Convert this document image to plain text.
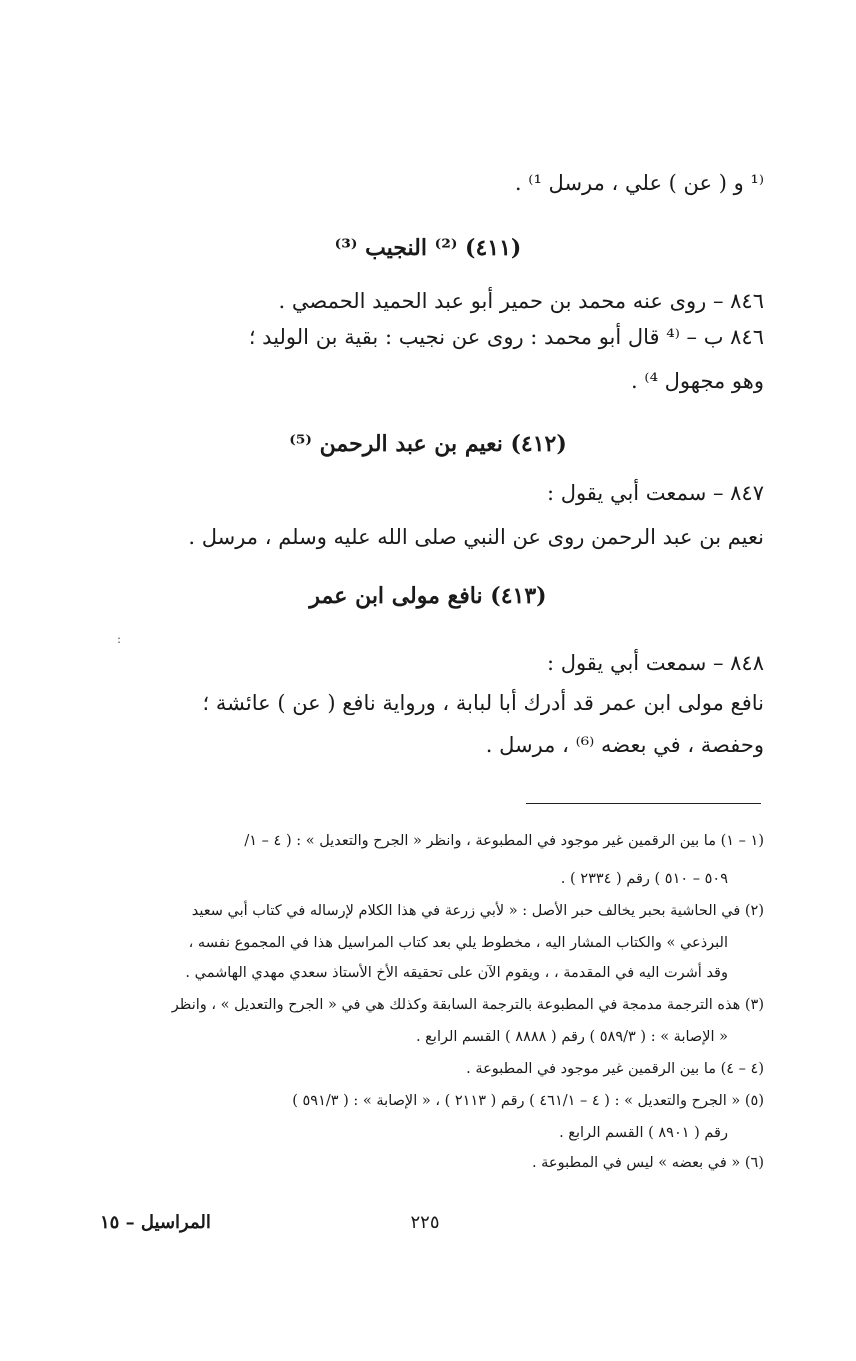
⁽¹ و ( عن ) علي ، مرسل ¹⁾ .
(٤١١) ⁽²⁾ النجيب ⁽³⁾
٨٤٦ – روى عنه محمد بن حمير أبو عبد الحميد الحمصي .
٨٤٦ ب – ⁽⁴ قال أبو محمد : روى عن نجيب : بقية بن الوليد ؛
وهو مجهول ⁴⁾ .
(٤١٢) نعيم بن عبد الرحمن ⁽⁵⁾
٨٤٧ – سمعت أبي يقول :
نعيم بن عبد الرحمن روى عن النبي صلى الله عليه وسلم ، مرسل .
(٤١٣) نافع مولى ابن عمر
:
٨٤٨ – سمعت أبي يقول :
نافع مولى ابن عمر قد أدرك أبا لبابة ، ورواية نافع ( عن ) عائشة ؛
وحفصة ، في بعضه ⁽⁶⁾ ، مرسل .
(١ – ١) ما بين الرقمين غير موجود في المطبوعة ، وانظر « الجرح والتعديل » : ( ٤ – ١/
٥٠٩ – ٥١٠ ) رقم ( ٢٣٣٤ ) .
(٢) في الحاشية بحبر يخالف حبر الأصل : « لأبي زرعة في هذا الكلام لإرساله في كتاب أبي سعيد
البرذعي » والكتاب المشار اليه ، مخطوط يلي بعد كتاب المراسيل هذا في المجموع نفسه ،
وقد أشرت اليه في المقدمة ، ، ويقوم الآن على تحقيقه الأخ الأستاذ سعدي مهدي الهاشمي .
(٣) هذه الترجمة مدمجة في المطبوعة بالترجمة السابقة وكذلك هي في « الجرح والتعديل » ، وانظر
« الإصابة » : ( ٥٨٩/٣ ) رقم ( ٨٨٨٨ ) القسم الرابع .
(٤ – ٤) ما بين الرقمين غير موجود في المطبوعة .
(٥) « الجرح والتعديل » : ( ٤ – ٤٦١/١ ) رقم ( ٢١١٣ ) ، « الإصابة » : ( ٥٩١/٣ )
رقم ( ٨٩٠١ ) القسم الرابع .
(٦) « في بعضه » ليس في المطبوعة .
المراسيل – ١٥	٢٢٥
